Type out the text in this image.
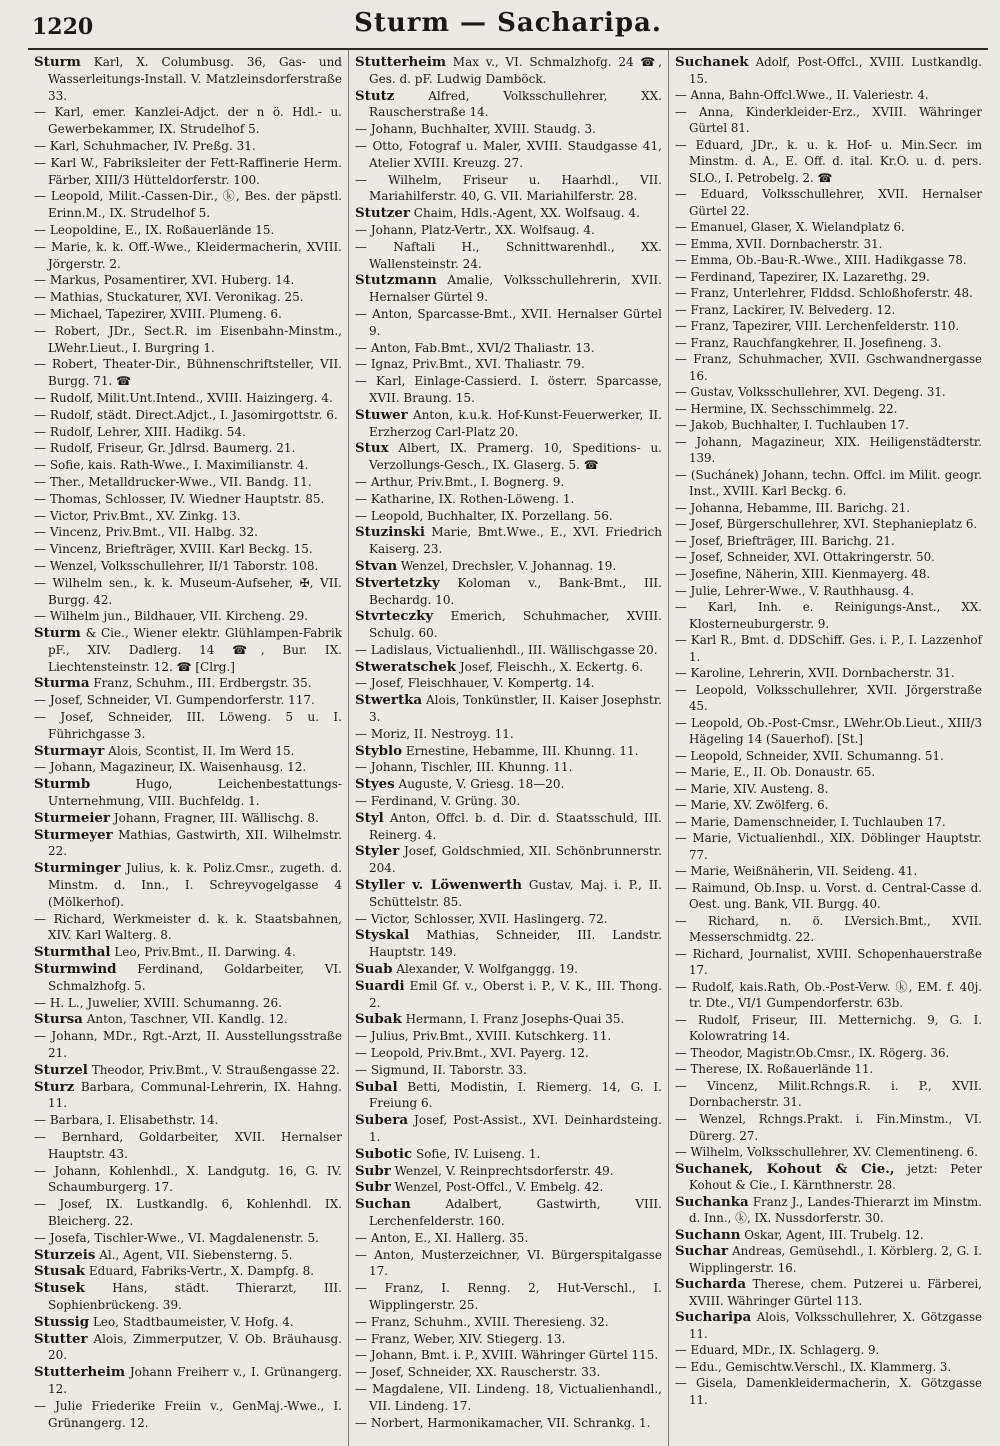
1220	Sturm — Sacharipa.

Sturm Karl, X. Columbusg. 36, Gas- und Wasserleitungs-Install. V. Matzleinsdorferstraße 33.

— Karl, emer. Kanzlei-Adjct. der n ö. Hdl.- u. Gewerbekammer, IX. Strudelhof 5.

— Karl, Schuhmacher, IV. Preßg. 31.

— Karl W., Fabriksleiter der Fett-Raffinerie Herm. Färber, XIII/3 Hütteldorferstr. 100.

— Leopold, Milit.-Cassen-Dir., ⓚ, Bes. der päpstl. Erinn.M., IX. Strudelhof 5.

— Leopoldine, E., IX. Roßauerlände 15.

— Marie, k. k. Off.-Wwe., Kleidermacherin, XVIII. Jörgerstr. 2.

— Markus, Posamentirer, XVI. Huberg. 14.

— Mathias, Stuckaturer, XVI. Veronikag. 25.

— Michael, Tapezirer, XVIII. Plumeng. 6.

— Robert, JDr., Sect.R. im Eisenbahn-Minstm., LWehr.Lieut., I. Burgring 1.

— Robert, Theater-Dir., Bühnenschriftsteller, VII. Burgg. 71. ☎

— Rudolf, Milit.Unt.Intend., XVIII. Haizingerg. 4.

— Rudolf, städt. Direct.Adjct., I. Jasomirgottstr. 6.

— Rudolf, Lehrer, XIII. Hadikg. 54.

— Rudolf, Friseur, Gr. Jdlrsd. Baumerg. 21.

— Sofie, kais. Rath-Wwe., I. Maximilianstr. 4.

— Ther., Metalldrucker-Wwe., VII. Bandg. 11.

— Thomas, Schlosser, IV. Wiedner Hauptstr. 85.

— Victor, Priv.Bmt., XV. Zinkg. 13.

— Vincenz, Priv.Bmt., VII. Halbg. 32.

— Vincenz, Briefträger, XVIII. Karl Beckg. 15.

— Wenzel, Volksschullehrer, II/1 Taborstr. 108.

— Wilhelm sen., k. k. Museum-Aufseher, ✠, VII. Burgg. 42.

— Wilhelm jun., Bildhauer, VII. Kircheng. 29.

Sturm & Cie., Wiener elektr. Glühlampen-Fabrik pF., XIV. Dadlerg. 14 ☎, Bur. IX. Liechtensteinstr. 12. ☎ [Clrg.]

Sturma Franz, Schuhm., III. Erdbergstr. 35.

— Josef, Schneider, VI. Gumpendorferstr. 117.

— Josef, Schneider, III. Löweng. 5 u. I. Führichgasse 3.

Sturmayr Alois, Scontist, II. Im Werd 15.

— Johann, Magazineur, IX. Waisenhausg. 12.

Sturmb	Hugo, Leichenbestattungs-Unternehmung, VIII. Buchfeldg. 1.

Sturmeier Johann, Fragner, III. Wällischg. 8.

Sturmeyer Mathias, Gastwirth, XII. Wilhelmstr. 22.

Sturminger Julius, k. k. Poliz.Cmsr., zugeth. d. Minstm. d. Inn., I. Schreyvogelgasse 4 (Mölkerhof).

— Richard, Werkmeister d. k. k. Staatsbahnen, XIV. Karl Walterg. 8.

Sturmthal Leo, Priv.Bmt., II. Darwing. 4.

Sturmwind Ferdinand, Goldarbeiter, VI. Schmalzhofg. 5.

— H. L., Juwelier, XVIII. Schumanng. 26.

Stursa Anton, Taschner, VII. Kandlg. 12.

— Johann, MDr., Rgt.-Arzt, II. Ausstellungsstraße 21.

Sturzel Theodor, Priv.Bmt., V. Straußengasse 22.

Sturz Barbara, Communal-Lehrerin, IX. Hahng. 11.

— Barbara, I. Elisabethstr. 14.

— Bernhard, Goldarbeiter, XVII. Hernalser Hauptstr. 43.

— Johann, Kohlenhdl., X. Landgutg. 16, G. IV. Schaumburgerg. 17.

— Josef, IX. Lustkandlg. 6, Kohlenhdl. IX. Bleicherg. 22.

— Josefa, Tischler-Wwe., VI. Magdalenenstr. 5.

Sturzeis Al., Agent, VII. Siebensterng. 5.

Stusak Eduard, Fabriks-Vertr., X. Dampfg. 8.

Stusek Hans, städt. Thierarzt, III. Sophienbrückeng. 39.

Stussig Leo, Stadtbaumeister, V. Hofg. 4.

Stutter Alois, Zimmerputzer, V. Ob. Bräuhausg. 20.

Stutterheim Johann Freiherr v., I. Grünangerg. 12.

— Julie Friederike Freiin v., GenMaj.-Wwe., I. Grünangerg. 12.

Stutterheim Max v., VI. Schmalzhofg. 24 ☎, Ges. d. pF. Ludwig Damböck.

Stutz	Alfred, Volksschullehrer, XX. Rauscherstraße 14.

— Johann, Buchhalter, XVIII. Staudg. 3.

— Otto, Fotograf u. Maler, XVIII. Staudgasse 41, Atelier XVIII. Kreuzg. 27.

— Wilhelm, Friseur u. Haarhdl., VII. Mariahilferstr. 40, G. VII. Mariahilferstr. 28.

Stutzer Chaim, Hdls.-Agent, XX. Wolfsaug. 4.

— Johann, Platz-Vertr., XX. Wolfsaug. 4.

— Naftali H., Schnittwarenhdl., XX. Wallensteinstr. 24.

Stutzmann Amalie, Volksschullehrerin, XVII. Hernalser Gürtel 9.

— Anton, Sparcasse-Bmt., XVII. Hernalser Gürtel 9.

— Anton, Fab.Bmt., XVI/2 Thaliastr. 13.

— Ignaz, Priv.Bmt., XVI. Thaliastr. 79.

— Karl, Einlage-Cassierd. I. österr. Sparcasse, XVII. Braung. 15.

Stuwer Anton, k.u.k. Hof-Kunst-Feuerwerker, II. Erzherzog Carl-Platz 20.

Stux Albert, IX. Pramerg. 10, Speditions- u. Verzollungs-Gesch., IX. Glaserg. 5. ☎

— Arthur, Priv.Bmt., I. Bognerg. 9.

— Katharine, IX. Rothen-Löweng. 1.

— Leopold, Buchhalter, IX. Porzellang. 56.

Stuzinski Marie, Bmt.Wwe., E., XVI. Friedrich Kaiserg. 23.

Stvan Wenzel, Drechsler, V. Johannag. 19.

Stvertetzky Koloman v., Bank-Bmt., III. Bechardg. 10.

Stvrteczky Emerich, Schuhmacher, XVIII. Schulg. 60.

— Ladislaus, Victualienhdl., III. Wällischgasse 20.

Stweratschek Josef, Fleischh., X. Eckertg. 6.

— Josef, Fleischhauer, V. Kompertg. 14.

Stwertka Alois, Tonkünstler, II. Kaiser Josephstr. 3.

— Moriz, II. Nestroyg. 11.

Styblo Ernestine, Hebamme, III. Khunng. 11.

— Johann, Tischler, III. Khunng. 11.

Styes Auguste, V. Griesg. 18—20.

— Ferdinand, V. Grüng. 30.

Styl Anton, Offcl. b. d. Dir. d. Staatsschuld, III. Reinerg. 4.

Styler Josef, Goldschmied, XII. Schönbrunnerstr. 204.

Styller v. Löwenwerth Gustav, Maj. i. P., II. Schüttelstr. 85.

— Victor, Schlosser, XVII. Haslingerg. 72.

Styskal Mathias, Schneider, III. Landstr. Hauptstr. 149.

Suab Alexander, V. Wolfganggg. 19.

Suardi Emil Gf. v., Oberst i. P., V. K., III. Thong. 2.

Subak Hermann, I. Franz Josephs-Quai 35.

— Julius, Priv.Bmt., XVIII. Kutschkerg. 11.

— Leopold, Priv.Bmt., XVI. Payerg. 12.

— Sigmund, II. Taborstr. 33.

Subal Betti, Modistin, I. Riemerg. 14, G. I. Freiung 6.

Subera Josef, Post-Assist., XVI. Deinhardsteing. 1.

Subotic Sofie, IV. Luiseng. 1.

Subr Wenzel, V. Reinprechtsdorferstr. 49.

Subr Wenzel, Post-Offcl., V. Embelg. 42.

Suchan	Adalbert, Gastwirth, VIII. Lerchenfelderstr. 160.

— Anton, E., XI. Hallerg. 35.

— Anton, Musterzeichner, VI. Bürgerspitalgasse 17.

— Franz, I. Renng. 2, Hut-Verschl., I. Wipplingerstr. 25.

— Franz, Schuhm., XVIII. Theresieng. 32.

— Franz, Weber, XIV. Stiegerg. 13.

— Johann, Bmt. i. P., XVIII. Währinger Gürtel 115.

— Josef, Schneider, XX. Rauscherstr. 33.

— Magdalene, VII. Lindeng. 18, Victualienhandl., VII. Lindeng. 17.

— Norbert, Harmonikamacher, VII. Schrankg. 1.

Suchanek Adolf, Post-Offcl., XVIII. Lustkandlg. 15.

— Anna, Bahn-Offcl.Wwe., II. Valeriestr. 4.

— Anna, Kinderkleider-Erz., XVIII. Währinger Gürtel 81.

— Eduard, JDr., k. u. k. Hof- u. Min.Secr. im Minstm. d. A., E. Off. d. ital. Kr.O. u. d. pers. SLO., I. Petrobelg. 2. ☎

— Eduard, Volksschullehrer, XVII. Hernalser Gürtel 22.

— Emanuel, Glaser, X. Wielandplatz 6.

— Emma, XVII. Dornbacherstr. 31.

— Emma, Ob.-Bau-R.-Wwe., XIII. Hadikgasse 78.

— Ferdinand, Tapezirer, IX. Lazarethg. 29.

— Franz, Unterlehrer, Flddsd. Schloßhoferstr. 48.

— Franz, Lackirer, IV. Belvederg. 12.

— Franz, Tapezirer, VIII. Lerchenfelderstr. 110.

— Franz, Rauchfangkehrer, II. Josefineng. 3.

— Franz, Schuhmacher, XVII. Gschwandnergasse 16.

— Gustav, Volksschullehrer, XVI. Degeng. 31.

— Hermine, IX. Sechsschimmelg. 22.

— Jakob, Buchhalter, I. Tuchlauben 17.

— Johann, Magazineur, XIX. Heiligenstädterstr. 139.

— (Suchánek) Johann, techn. Offcl. im Milit. geogr. Inst., XVIII. Karl Beckg. 6.

— Johanna, Hebamme, III. Barichg. 21.

— Josef, Bürgerschullehrer, XVI. Stephanieplatz 6.

— Josef, Briefträger, III. Barichg. 21.

— Josef, Schneider, XVI. Ottakringerstr. 50.

— Josefine, Näherin, XIII. Kienmayerg. 48.

— Julie, Lehrer-Wwe., V. Rauthhausg. 4.

— Karl, Inh. e. Reinigungs-Anst., XX. Klosterneuburgerstr. 9.

— Karl R., Bmt. d. DDSchiff. Ges. i. P., I. Lazzenhof 1.

— Karoline, Lehrerin, XVII. Dornbacherstr. 31.

— Leopold, Volksschullehrer, XVII. Jörgerstraße 45.

— Leopold, Ob.-Post-Cmsr., LWehr.Ob.Lieut., XIII/3 Hägeling 14 (Sauerhof). [St.]

— Leopold, Schneider, XVII. Schumanng. 51.

— Marie, E., II. Ob. Donaustr. 65.

— Marie, XIV. Austeng. 8.

— Marie, XV. Zwölferg. 6.

— Marie, Damenschneider, I. Tuchlauben 17.

— Marie, Victualienhdl., XIX. Döblinger Hauptstr. 77.

— Marie, Weißnäherin, VII. Seideng. 41.

— Raimund, Ob.Insp. u. Vorst. d. Central-Casse d. Oest. ung. Bank, VII. Burgg. 40.

— Richard, n. ö. LVersich.Bmt., XVII. Messerschmidtg. 22.

— Richard, Journalist, XVIII. Schopenhauerstraße 17.

— Rudolf, kais.Rath, Ob.-Post-Verw. ⓚ, EM. f. 40j. tr. Dte., VI/1 Gumpendorferstr. 63b.

— Rudolf, Friseur, III. Metternichg. 9, G. I. Kolowratring 14.

— Theodor, Magistr.Ob.Cmsr., IX. Rögerg. 36.

— Therese, IX. Roßauerlände 11.

— Vincenz, Milit.Rchngs.R. i. P., XVII. Dornbacherstr. 31.

— Wenzel, Rchngs.Prakt. i. Fin.Minstm., VI. Dürerg. 27.

— Wilhelm, Volksschullehrer, XV. Clementineng. 6.

Suchanek, Kohout & Cie., jetzt: Peter Kohout & Cie., I. Kärnthnerstr. 28.

Suchanka Franz J., Landes-Thierarzt im Minstm. d. Inn., ⓚ, IX. Nussdorferstr. 30.

Suchann Oskar, Agent, III. Trubelg. 12.

Suchar Andreas, Gemüsehdl., I. Körblerg. 2, G. I. Wipplingerstr. 16.

Sucharda Therese, chem. Putzerei u. Färberei, XVIII. Währinger Gürtel 113.

Sucharipa Alois, Volksschullehrer, X. Götzgasse 11.

— Eduard, MDr., IX. Schlagerg. 9.

— Edu., Gemischtw.Verschl., IX. Klammerg. 3.

— Gisela, Damenkleidermacherin, X. Götzgasse 11.
